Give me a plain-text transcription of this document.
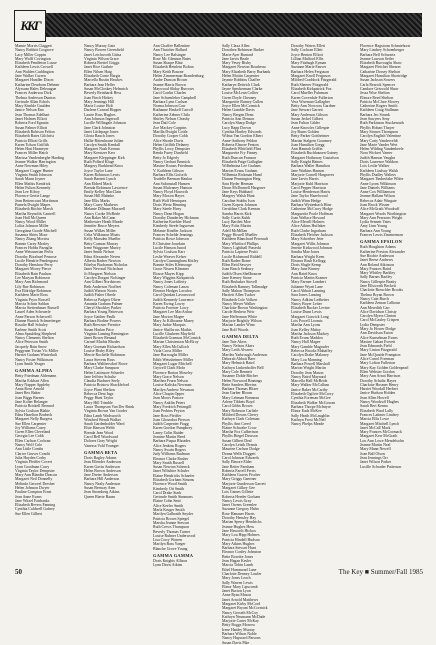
KKΓ

Mamie Morris Claggett

Nancy Bobbitt Cosgrove

Lacy Miller Coppin

Mary Wolff Covington

Elizabeth Pendleton Louse

Kathleen Lewis Crowell

Ann Walden Cuddington

Jane Walker Curren

Margaret Handler Dixon

Katharine Dearborn Dehmer

Alyssum Hales Deleaugue

Frances Anderson Dick

Thelma Anderson Dunton

Gertrude Allan Echols

Mary Kimble Gaulden

Janice Nelson Eno

Jean Thomas Edelhart

Janet Holmes Elliott

Roberta Ford Egnatia

Susan Palmer Elliott

Elizabeth Robison Felton

Elizabeth Bates Gilchrist

Patricia Elliott Grills

Karen Tolson Griffith

Helen Hart Harmeyer

Frances Miller Hatch

Marissa Vandenberghe Harding

Jeanne Walker Harrington

Anne Newman Hiley

Margaret Cogger Hunter

Virginia Smith Johnson

Sarah Mann Joyner

Ellen Mathis Kendrick

Helen Fulton Kennedy

Jean Lee Kilroy

Florence Gertie Lange

Jean Bettencourt Mortinson

Pamela Dwight Mapes

Elizabeth Ritchie Marsh

Martha Reynolds Cantrell

Joan Hall McQueen

Nancy Wood Miller

Lolita Johnson Miller

Georgiana Goode Mitchell

Susanna Shirts Moor

Nancy Zhang Morriss

Bonnie Carey Mosley

Frances Hobbs Pazaglia

Anne Weissnerian Perlis

Dorothy Bixxbuel Penrose

Lucile Hendrie Pendergrast

Dorothy Henshaw Perry

Margaret Morey Pierce

Elizabeth Bain Paulson

Lee Maryan Robinson

Mary Ann Richmond

Lily Rae Robinson

Eva Eldridge Robinson

Kathleen Marie Ross

Virginia Pryor Rossell

Marcia Schrin Saldan

Marcia Stettenhauer Russell

Laurel Aden Scheuerle

Anne Parson Scherwell

Dianne Burrick Schmetterger

Rosalie Hall Schuley

Earlene Smith Scott

Alma Spaulding Shepherd

Nancy Clements Shelton

Alice Peterson Smith

Jacquely Bain Snow

Peggyann Tivian Vic Miller

Harriet Graham Winterhalt

Nancy Foster Wilkinson

Lynn Smith Yeager

GAMMA ALPHA

Betty Friedman Ahlemann

Martha Eckhart Allen

Mary Napper Appleby

Anna Rose Arnold

Janet Rex Baker

Joan Biggs Barnes

Jane Kolter Belanger

Patricia Brickell Bernard

Sylvia Coulson Blakie

Edna Hazelton Brubeck

Margaret Nelly Burgess

Sue Ellen Carpenter

Joy Williams Casey

Gwen Ellen Cleveland

Georgia Lee Cobb

Ellen Carlson Cochran

Nancy Wolf Cole

Ann Little Combs

Clarice Gruver Condit

Julia Hayden Corby

Virginia Pfeiffer Covert

Lynn Goodman Curry

Virginia Taylor Dempster

Mary Ann Blandin Deacon

Margaret Neil Donnelly

Melinda Gerovel Dresher

Helen Johnson Dwyer

Pauline Compton Ernst

Jean Anne Evans

Jane Witzel Fairbanks

Elizabeth Bevers Fanning

Cynthia Caldwell Gafney

Sue Ellen Gilbert

Nancy Murray Gatz

Nancy Bowen Greenfield

Janet Letchworth Gittsa

Virginia Wilson Grace

Roberta Breitel Griggs

Janet Rice Guthrie

Ellen Nilsen Haig

Elizabeth Conte Hargis

Marcella Rustin Hawkes

Barbara Jean Heller

Susan McCloskey Helmrich

Beverly Reinhardt Hess

Joan Finch Hickey

Mary Jennings Hill

Marie Louise Holt

Darlene Conrad Hopper

Laurie Ross Hughes

Ann Johnson Ingersoll

Lucille Willingale Johnson

Jane Clark Johnston

Janet Littlepage Jones

Gloria Rauch Jones

Hallie Rittenhouse Julian

Carolyn Smith Kendall

Margaret Nash Kernan

Mary Kreutzer Kerr

Margaret Kleppinger Kirk

Ruth Pollard Kluge

Margery Burkhead Knox

Joyce Taylor Lane

Karen Robinson Lewis

Sarah Barnett Lynch

Ann Eldred Mack

Brenda Robinson Lawrence

Emily Kelley MacClain

Susan Hill Mahnke

Jane Ellis Marks

Mary Carey Mathews

Melanie Dillman Maxwell

Nancy Cooke McBride

Ann Baker McCann

Mathessier Heath Meade

Jennifer Bruce Meyers

Susan Wilkes Miller

Celia Wilkinson Moats

Kelly Marsden Mueller

Betty Cannon Murray

Irene Waggoner Murtry

Janet Smith Nelson

Edna Alexander Neven

Alberta Barber Newton

Ethelyn Buchanan Nicholas

Janet Nevrasil Nicholson

Jo Margaret Nielson

Carolyn Dorgan Nofsinger

Ann Gilbert Nordstrom

Beth Anderson Norfleet

Judith Watson Norris

Judith Fisher Oberle

Rebecca Padgett Oliver

Amanda Graham Palmer

Cheryl Shockley Parker

Barbara Young Patterson

Joyce Gaither Paulk

Barbara Bodine Powers

Ruth Brewster Prentice

Susan Harlan Price

Virginia Lansing Remington

Janet Bower Renaud

Carmel Mathis Rhodes

Mary Gorman Richardson

Louise Bixby Riley

Merrie Rochelle Robinson

Laura Stevens Ross

Barbara Walthersdorf Rowe

Mary Clarke Sampson

Helen Lattimore Schaefer

Jane Jeffries Schultz

Claudia Buchner Seely

Patricia Bristow Shackleford

Joyce Plant Shelton

Rebecca Dent Ings

Peggy Hunt Taylor

Mary Hill Trimble

Laura Thompson Van Der Brink

Virginia Brown Van Gorder

Edna Lamb Wadsworth

Winifred Wendt Walker

Sarah Gardenholder Ward

Elsie Hanson Webb

Brenda Jean Wood

Carol Bell Woodward

Dolores Gray Wright

Vanessa Vold Younger

GAMMA BETA

Doris Bagley Adams

Jean Ellender Anderson

Karen Gavin Anderson

Helen Brown Anderson

Jane Dreier Anderson

Barbara Hill Anderson

Nancy Nealy Anderson

Susan Benway Aten

Jean Stromberg Atkins

Queen Bierie Baum

Ann Chaffee Ballentine

Ann Thatcher Ballard

Nancy Lee Balsinger

Rose Mc Glennon Bates

Susan Sharpe Blair

Elizabeth Heinlein Bolton

Mary Keith Bourne

Helen Zimmerman Brandenburg

Audre Duncan Brown

Jeanne Harris Brown

Maywood Sliday Burrows

Carol Conlin Charles

Jane Schoenleber Campbell

Barbara Lynn Carlson

Norma Johnson Carr

Ruthanne Haskell Carroll

Katherine Zehner Chila

Shirley Nelson Cleasby

Jean Dail Cole

Zoe Mackey Coppins

Marilla Dwight Cottle

Dorothy Cooper Cobb

Alice Shonle Davis

Helen Griffith Delaney

Phyllis Lowy Dempster

Renda Furey Dunfield

Betty Jo Edgerly

Nancy Gerhart Emmick

Maxine Krauss Friedman

V. Kathleen Gibson

Barbara Ellis Goforth

Trudelle Beeman Hanlon

Ann Saltonstall Hansen

Susan Mulvaney Hanson

Nancy Floyd Haworth

Mary Moxon Hayes

Ruth Wolf Henriquez

Doris Wertz Henning

Mary Steele Hoey

Nancy Dean Hogan

Dorothy Dunderley Hickman

Katherine Kuebler Hurd

Kimberly Steele Ingwesen

Melanie Kindler Jackson

Frances Schelde Jennings

Patricia Rowe Johnson

E.Christine Jourdain

Lucile Hanson Junod

Sylvia Coulson Karr

Leslie Weaver Kelser

Carolyn Cunningham Kittley

Bonnie Stiles Kleinsorge

Grace Nissen Klimmer

Elouse Mayes Kipp

Mary Wiggins Kirkpatrick

Nancy Jones Lafferty

Nancy Coleman Lanza

Eleanor Hodges Lavaloo

Carol Quinlan Lavonwood

Judith Kennedy Lawrence

Karen Ewing Lowry

Patricia Forester Lowy

Margaret Lee MacArthur

Jane Morton Magee

Mary Jo Kilbourne Masey

Mary Jarbie Marquis

Janice Shallcross Mathis

Lucille Glasheen Mayfield

Elizabeth Gramsas McComick

Marian Christenson McElroy

Mary Ellen McCulloch

Viola Cross Miller

Jane Burroughs Miller

Edith Weissheimer Miller

Margaret Lugar Mitchell

Grywell Clark Mohr

Florence Barton Moseley

Mary Grace Nelson

Marthea Fearn Nelson

Louise Kaliska Newman

Marilyn Andrew Newman

Alice Chapin Opper

Jean Moors Pastore

Nancy Anklin Peters

Mary Fredrich Pettengill

Joan Perkins Peyton

Jane Ross Pfeiffer

Joan Gloseabot Pierson

Judith Carpenter Fiagg

Karen Gordon Pumphrey

Laney Colin Raider

Jeanine Martin Reed

Barbara Fuqua Rhoades

Alice Jenkins Rogers

Nancy Swain Rogers

Judy Williams Rudman

Eleanor Clarke Rusher

Mary Smith Russell

Susan Newton Schenck

Janet Wiltshire Schuler

Elaine Hendricks Schaefer

Elizabeth Gorham Simons

Florence Wood Smith

Kimberly Ott Smith

Carol Drake Stark

Gertrude Smith Simmons

Elaine Cohn Smit

Alice Keefer Smith

Marla Kruger Smith

Marilyn Galbraith Snyder

Patricia Brown Spiegel

Marsha Jeanne Stewart

Ruth Crews Thompson

Beverly Thomas Turner

Louise Rubner Underwood

Lisa Corry Warren

Marilyn Bass Yaeger

Blanche Grove Young

GAMMA GAMMA

Doris Knights Allison

Lynn Davis Atkins

Sally Claxa Allen

Dorothea Robinson Barker

Marie Ayer Barnard

Jane Jarvis Beale

Mary Vesey Bixby

Margaret Newton Boudreau

Mary Elizabeth Barry Burbank

Helen Mottin Carpenter

Jaymie Robbins Chaffee

Katharyn Deitrich Clark

Jayne Speckerman Clarke

Louise McLean Collier

Gwen Doyle Cheaney

Marquerite Burney Cullen

Joyce Ellen McCormick

Helen Gamble Davis

Nancy Bergen Dean

Patricia Ann Denson

Carolyn Sharp Dodge

Lucy Rapp Drown

Cynthia Hartley Edwards

Wilma Van Gordon Elbert

Anne-Anthony Feldon

Roberta Elmore Fenton

Elizabeth Whitfield Flint

Marguerite Fry Finney

Ruth Duncan Franson

Elizabeth Paige Gallagher

Wilhelmina Lee Graham

Marion Evans Graham

Wilhemia Rickman Hand

Dianne Pennington Heig

Sara Hyder Herman

Dawn McDonnell Hargrave

Jane Keys Hubbard

Margery Walsh Hunt

Caroline Stubbs Ison

Gwen Kopetz Johnson

Geraldine Clark Keenan

Sandra Harris Kirk

Sally Curtis Kubb

Lucy Bartlett Moe

Mary Foltz Martin

Adell McMillan

Peggy Howell Mueller

Kathleen Blanchard Perreault

Mary Whitford Phillips

Nancy Lighthall Piasecki

Patricia Lapierre Pruitt

Lucile Richmond Riddell

Ruth Raden Rome

Ellen Reid Sawyer

Joan Beach Seabury

Judith Olsen Shellbourne

Jane Keeney Stone

Ruth Brubaker Stovell

Elizabeth Ramsey Tallmadge

Sally Mahon Thompson

Harriett Allen Tucker

Elizabeth Cole Volkert

Nancy Meyer Walker

Charlotte Brown Washington

Carole Beshear Weir

Jane Hefferman White

Marjorie Brightly Wilson

Marian Lander Winn

Jane Rolf Woods

GAMMA DELTA

Jane Tate Akers

Nancy Nelson Akers

Mary Leith Alvarez

Marilea Yarbrough Anderson

Deborah Abbott Baer

Mary Helmick Baird

Kathryn Linkenhoffer Bell

Mary Cole Bennett

Susanne Doble Bitcher

Helen Norwood Binnings

Bette Sanders Blevins

Barbara Thomas Blixer

Jean Garber Bloom

Mary Lehman Bonneau

Arlene Tibbets Boyd

Carol Gibbs Brown

Mary Robeson Carlisle

Mildred Downs Cherry

Kathryn Clark Coleman

Phyllis Ann Creed

Elaine Schwabe Crow

Martha Fox Culbertson

Phyllis Biegel Dawson

Susan Gilbert Deal

Carolyn Leisik Dennis

Maurine Carlson Dodge

Donna Wells Doggett

Carol Johnson Edwards

Sally Elmore Elder

Jane Reiter Farnham

Roberta Farrell Ferris

Kathleen Graves Fischer

Mary Griggs Gaertner

Marjorie Gunderson Garrett

Margaret Gilkey Gee

Lois Gaines Gillette

Roberta Heeder Gorham

Nancy Lewis Gray

Janet Owens Greenlee

Suzanne Gregory Hahn

Rose Hanauer Harris

Dorothy Hensley Hay

Marian Sperry Hendricks

Jeanne Hughes Hess

Jane Haworth Hickox

Mary Lou Hipp Holmes

Patricia Hindell Hudson

Mary Atkins Hughes

Barbara Stewart Hunt

Eleanor Conley Johnston

Bette Bowdre Jones

Jean Hagan Kesler

Marcia Tobin Lamb

Ethel Hammond Lane

Charlotte Denney Lawler

Mary Jones Leach

Sally Warren Lewis

Elinor Mary Lipscomb

Janet Burton Lyon

Anne Ryan Mason

Janet Arnold Matthews

Margaret Kirby McCord

Margaret Bryant McCormick

Nancy Gorseth McCoy

Kathryn Neumann McDade

Marjorie Carter McKay

Betty Boggs Morrow

Irene Hanley Murray

Barbara Wilson Noble

Nancy Hapward Parsons

Susan Davis Pike

Dorothy Waters Ellett

Sally Cochran Ellett

Joyce Benton Elliott

Lillian Mulford Ellis

Mary Fitzhugh Eyman

Suzanne Marie Fauver

Barbara Helen Ferguson

Margaret Knoll Ferguson

Mildred Craddock Fitzgerald

Ruth Sheerer Fitzgerald

Elizabeth Kirkpatrick Fox

Carol Mueller Fuhrman

Karen Coverdale Fullerton

Vera Wiseman Gallagher

Betty Ann Norcross Gardner

Jane Stewart Garrett

Mary Anderson Gibson

Susan Jeckel Gilbert

Jean Fulton Gilder

Anne Knowles Gillespie

Joy Burns Golden

Betty Parker Gottheimer

Marian Stalgren Gourmey

Joan Hamilton Gregg

Ann Hannah Griffin

Elizabeth Ruchhausen Guiney

Margaret Hathaway Gustafson

Sally Knight Haines

Barbara Waller Hamilton

Jane Watkins Hanson

Marjorie Cornell Hargraves

Jane Jarvis Harris

Marjorie Kuhl Harrison

Carol Pepper Harrison

Louise Henderson Harris

Jane Taylor Hazelwood

Judith Winn Hedge

Barbara Wyttenbach Hine

Catherine McCrory Hodge

Marguerite Poole Hoffman

Joan Wallace Howard

Alice Merrill Holmes

Alice Atkins Huffaker

Ruth Clarke Ingraham

Elizabeth Fletcher Jackson

Mary Schreiber Jeter

Margaret Willis Johnson

Jenette Kirkwood Johnson

Sandra Mae Jones

Barbara Wright Keen

Eleanor Rush Kellogg

Doris Slagle Kemp

Mary Jane Kinney

Ann Baird Knox

Patricia Martin Kramer

Mary Farmer Lambert

Julianne Wyatt Lane

Carol Abbott Lanning

Sara Jones Lansing

Nancy Adkins Ledbetter

Nancy Boyer Leiter

Elizabeth Rucker Levine

Louise Dunn Lewis

Margaret Garwick Long

Lois Powell Loomis

Martha Ann Lyons

Joan Kelley Mabry

Martha Jackson Mackey

Ruth Evans Maddox

Nancy Hall Magee

Mary Gamble Magruder

Rebecca Brooks Mahaffey

Carolyn Drake Maloney

Mary Lou Manning

Barbara Powell Marshall

Marion Wright Martin

Dorothy Jean Mason

Nancy Baird Maynard

Marcella Hall McBride

Mary Walker McCallum

Janice Baker McCarthy

Elizabeth Ogilvie McCrory

Cynthia Foreman McGee

Elizabeth Walker McGowan

Barbara Thorpe McIntyre

Elinor Eads McKee

Sally Heath McLaughlin

Kathryn Frost McNeil

Nancy Phelps Meade

Florence Hagstrom Schmiehorst

Mary Lindsey Schoenberger

Barbara Bell Schwartz

Jeanne Lawson Seiler

Elizabeth Burroughs Shaw

Margaret Fletcher Shearer

Catharine Dorsey Shelton

Margaret Hamilton Shortridge

Susan Jackson Sowers

Carla Rearick Spencer

Candace Griswold Shaw

Jessa Wise Shelton

Elinore Reed Shelton

Patricia McClure Slowey

Catherine Rogers Smith

Kathleen Craig Stallman

Barbara Jeo Strunk

Jean Sawyers Seay

Ruth Parkinson Stuckenrath

Phyllis Hobart Thayer

Mary Strawn Thompson

Carolyn English Valentine

Mary Carty Vanderveldt

Jane Marie Vander Wert

Helen Wilding Vandenbeele

Nora Wickert Varner

Judith Hanson Vaughn

Doris Laurence Waldron

Lois Leslie Walker

Kathleen Lindsay Walsh

Phyllis Dudley Walters

Margaret Timberlake White

Anne Lyons Wilkinson

Jane Daniels Williams

Anne Cox Williamson

Jeanne Hallam Wilson

Rebecca Adair Wingate

Joan Brock Wisner

Alice McGrath Woodruff

Margaret Woods Worthington

Mary Ann Pearsons Wright

Lydia Sennett Yates

Amy Linn Young

Barbara Ann Young

Frances Lewis Zimmerman

GAMMA EPSILON

Ruth Houghton Adams

Katherine Preston Alexander

Sue Ritchie Anderson

Janet Reese Andrews

Ann Boland Atkinson

Mary Frances Baird

Mary Whitley Barkley

Sally Barnes Bartley

Nancy Gillespie Beatty

Jane Ellsworth Beckett

Charlotte Breuchler Brooks

Thelma Bryan Brown

Nancy Cain Burch

Kathleen Zeman Calhoun

Ann Meredith Carr

Alice Davidson Christy

Carolyn Myers Clinton

Carol McCauley Crispen

Lydia Dempster

Mary Jo Hower Dodge

Ann Davidson Eaton

Alice Kunselman Evans

Maxine Gahan Everett

Jean Edmonds Field

Mary Linton Fitzgerald

Jane McQuaide Frampton

Alice Carrol Freeman

Mary Lofton Fullerton

Mary Kay Golden Goldenpearl

Ellen Webster Gordon

Mary Ann Arnot Harrison

Dorothy Schultz Hayes

Charlotte Hosmer Henry

Harriet Woodall Herbert

Janice Hudson Holden

Jean Allen Howell

Nancy Woodruff Hughes

Sarah Bert Kenna

Elizabeth Ward Lally

Frances Latimer Lindsey

Marcia Ellis Lowe

Margaret Mitchell Lynch

Janet McCall Mack

Mary Frances McCormack

Margaret Kerr McGrath

Lou Ann Lowe Mendelsohn

Jeanne Martin Neal

Mary Mann Newell

Joan Ball Olson

Jean Jennings Orr

Janet Wilson Parker

Lucille Schrader Patterson

50	The Key ■ Summer/Fall 1985
